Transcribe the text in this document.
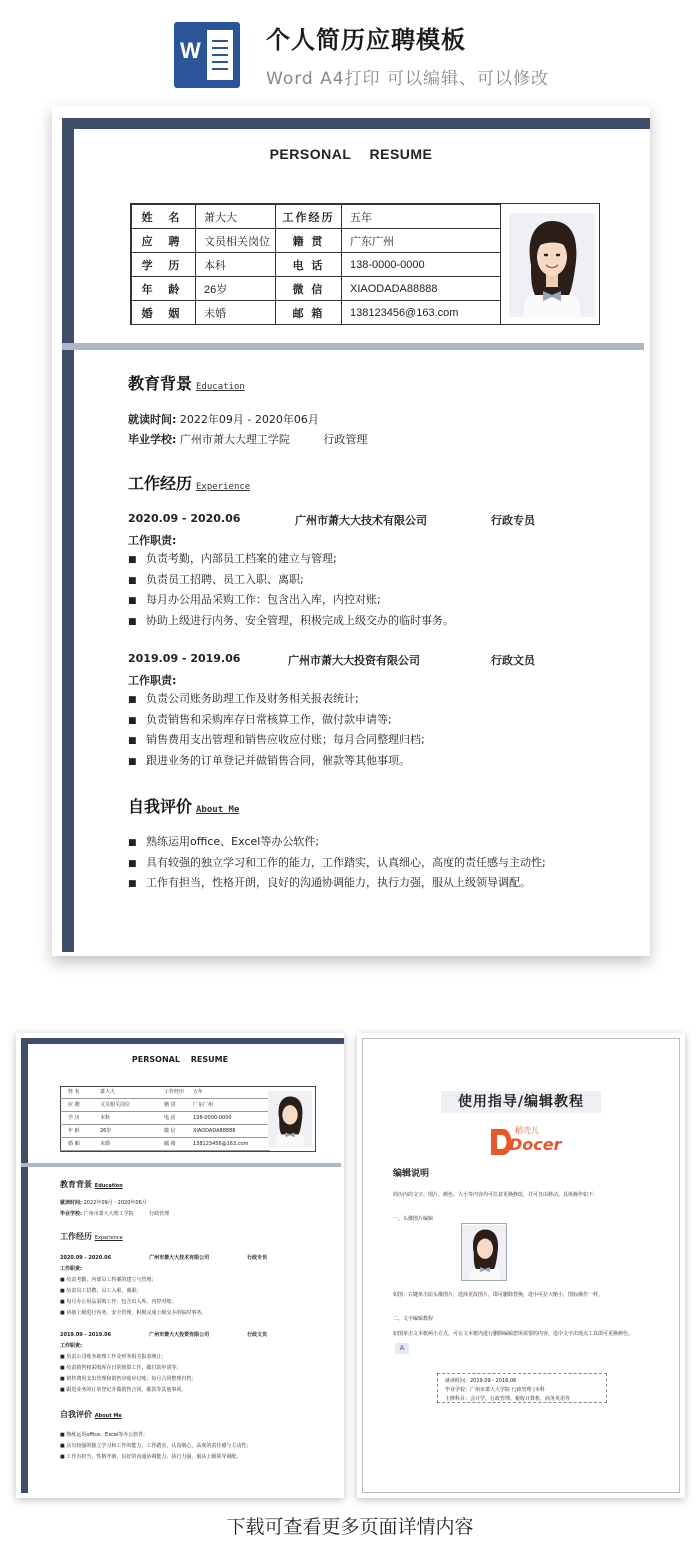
W	个人简历应聘模板
Word A4打印 可以编辑、可以修改
PERSONAL RESUME
姓 名	萧大大	工作经历	五年
应 聘	文员相关岗位	籍 贯	广东广州
学 历	本科	电 话	138-0000-0000
年 龄	26岁	微 信	XIAODADA88888
婚 姻	未婚	邮 箱	138123456@163.com
教育背景 Education
就读时间: 2022年09月 - 2020年06月
毕业学校: 广州市萧大大理工学院	行政管理
工作经历 Experience
2020.09 - 2020.06	广州市萧大大技术有限公司	行政专员
工作职责:
■ 负责考勤，内部员工档案的建立与管理;
■ 负责员工招聘、员工入职、离职;
■ 每月办公用品采购工作：包含出入库，内控对账;
■ 协助上级进行内务、安全管理，积极完成上级交办的临时事务。
2019.09 - 2019.06	广州市萧大大投资有限公司	行政文员
工作职责:
■ 负责公司账务助理工作及财务相关报表统计;
■ 负责销售和采购库存日常核算工作，做付款申请等;
■ 销售费用支出管理和销售应收应付账；每月合同整理归档;
■ 跟进业务的订单登记并做销售合同，催款等其他事项。
自我评价 About Me
■ 熟练运用office、Excel等办公软件;
■ 具有较强的独立学习和工作的能力，工作踏实，认真细心，高度的责任感与主动性;
■ 工作有担当，性格开朗，良好的沟通协调能力，执行力强，服从上级领导调配。
PERSONAL RESUME
姓 名	萧大大	工作经历 五年
应 聘	文员相关岗位	籍 贯	广东广州
学 历	本科	电 话	138-0000-0000
年 龄	26岁	微 信	XIAODADA88888
婚 姻	未婚	邮 箱	138123456@163.com
教育背景 Education
就读时间: 2022年09月 - 2020年06月
毕业学校: 广州市萧大大理工学院	行政管理
工作经历 Experience
2020.09 - 2020.06	广州市萧大大技术有限公司	行政专员
工作职责:
■ 负责考勤，内部员工档案的建立与管理;
■ 负责员工招聘、员工入职、离职;
■ 每月办公用品采购工作：包含出入库，内控对账;
■ 协助上级进行内务、安全管理，积极完成上级交办的临时事务。
2019.09 - 2019.06	广州市萧大大投资有限公司	行政文员
工作职责:
■ 负责公司账务助理工作及财务相关报表统计;
■ 负责销售和采购库存日常核算工作，做付款申请等;
■ 销售费用支出管理和销售应收应付账；每月合同整理归档;
■ 跟进业务的订单登记并做销售合同，催款等其他事项。
自我评价 About Me
■ 熟练运用office、Excel等办公软件;
■ 具有较强的独立学习和工作的能力，工作踏实，认真细心，高度的责任感与主动性;
■ 工作有担当，性格开朗，良好的沟通协调能力，执行力强，服从上级领导调配。
使用指导/编辑教程
稻壳儿
Docer
编辑说明
简历内的文字、图片、颜色、大小等内容均可任意更换修改，并可自由移动。具体操作如下:
一、头像图片编辑
如图：右键单击原头像图片，选择更改图片，即可删除替换，选中可拉大缩小，图标操作一样。
二、文字编辑教程
如图单击文本框两小方点，可在文本框内进行删除编辑您所需要的内容，选中文字出现点工具即可更换颜色。
A
就读时间：2019.09 - 2016.06
毕业学校：广州市萧大大学院 行政管理 |本科
主修科目：会计学、行政管理、税收计算机、商务英语等
下载可查看更多页面详情内容
